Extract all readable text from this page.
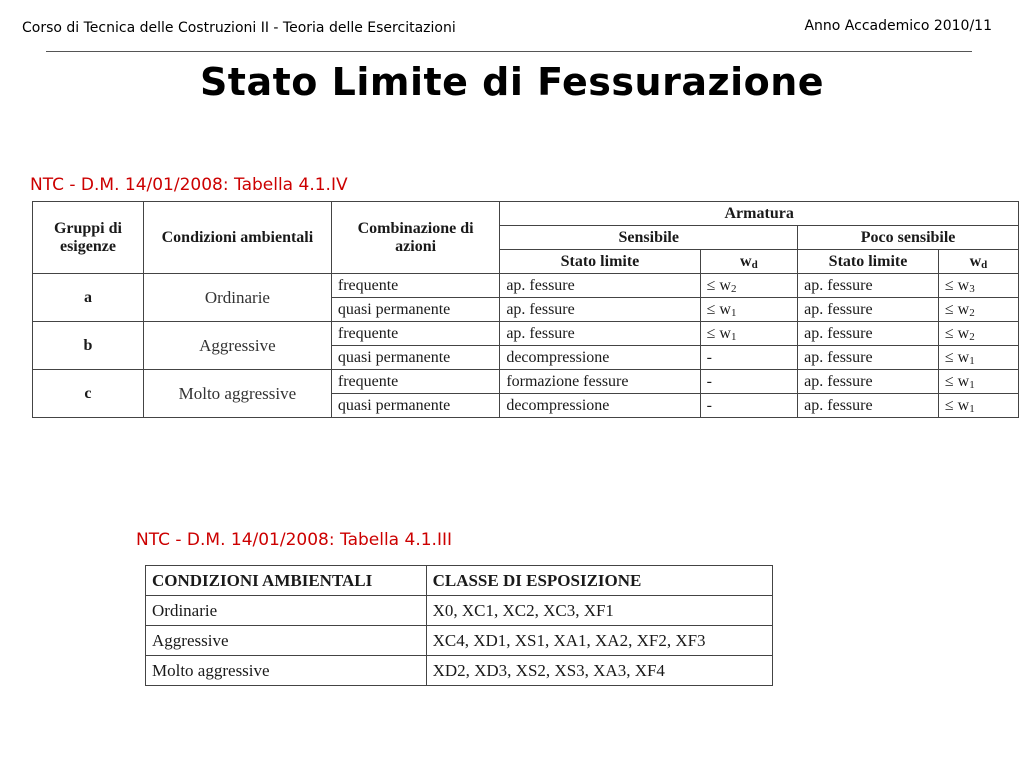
Corso di Tecnica delle Costruzioni II - Teoria delle Esercitazioni	Anno Accademico 2010/11
Stato Limite di Fessurazione
NTC - D.M. 14/01/2008: Tabella 4.1.IV
Gruppi di esigenze	Condizioni ambientali	Combinazione di azioni	Armatura			
			Sensibile		Poco sensibile	
			Stato limite	$w_d$	Stato limite	$w_d$
a	Ordinarie	frequente	ap. fessure	≤ $w_2$	ap. fessure	≤ $w_3$
		quasi permanente	ap. fessure	≤ $w_1$	ap. fessure	≤ $w_2$
b	Aggressive	frequente	ap. fessure	≤ $w_1$	ap. fessure	≤ $w_2$
		quasi permanente	decompressione	-	ap. fessure	≤ $w_1$
c	Molto aggressive	frequente	formazione fessure	-	ap. fessure	≤ $w_1$
		quasi permanente	decompressione	-	ap. fessure	≤ $w_1$
NTC - D.M. 14/01/2008: Tabella 4.1.III
CONDIZIONI AMBIENTALI	CLASSE DI ESPOSIZIONE
Ordinarie	X0, XC1, XC2, XC3, XF1
Aggressive	XC4, XD1, XS1, XA1, XA2, XF2, XF3
Molto aggressive	XD2, XD3, XS2, XS3, XA3, XF4
